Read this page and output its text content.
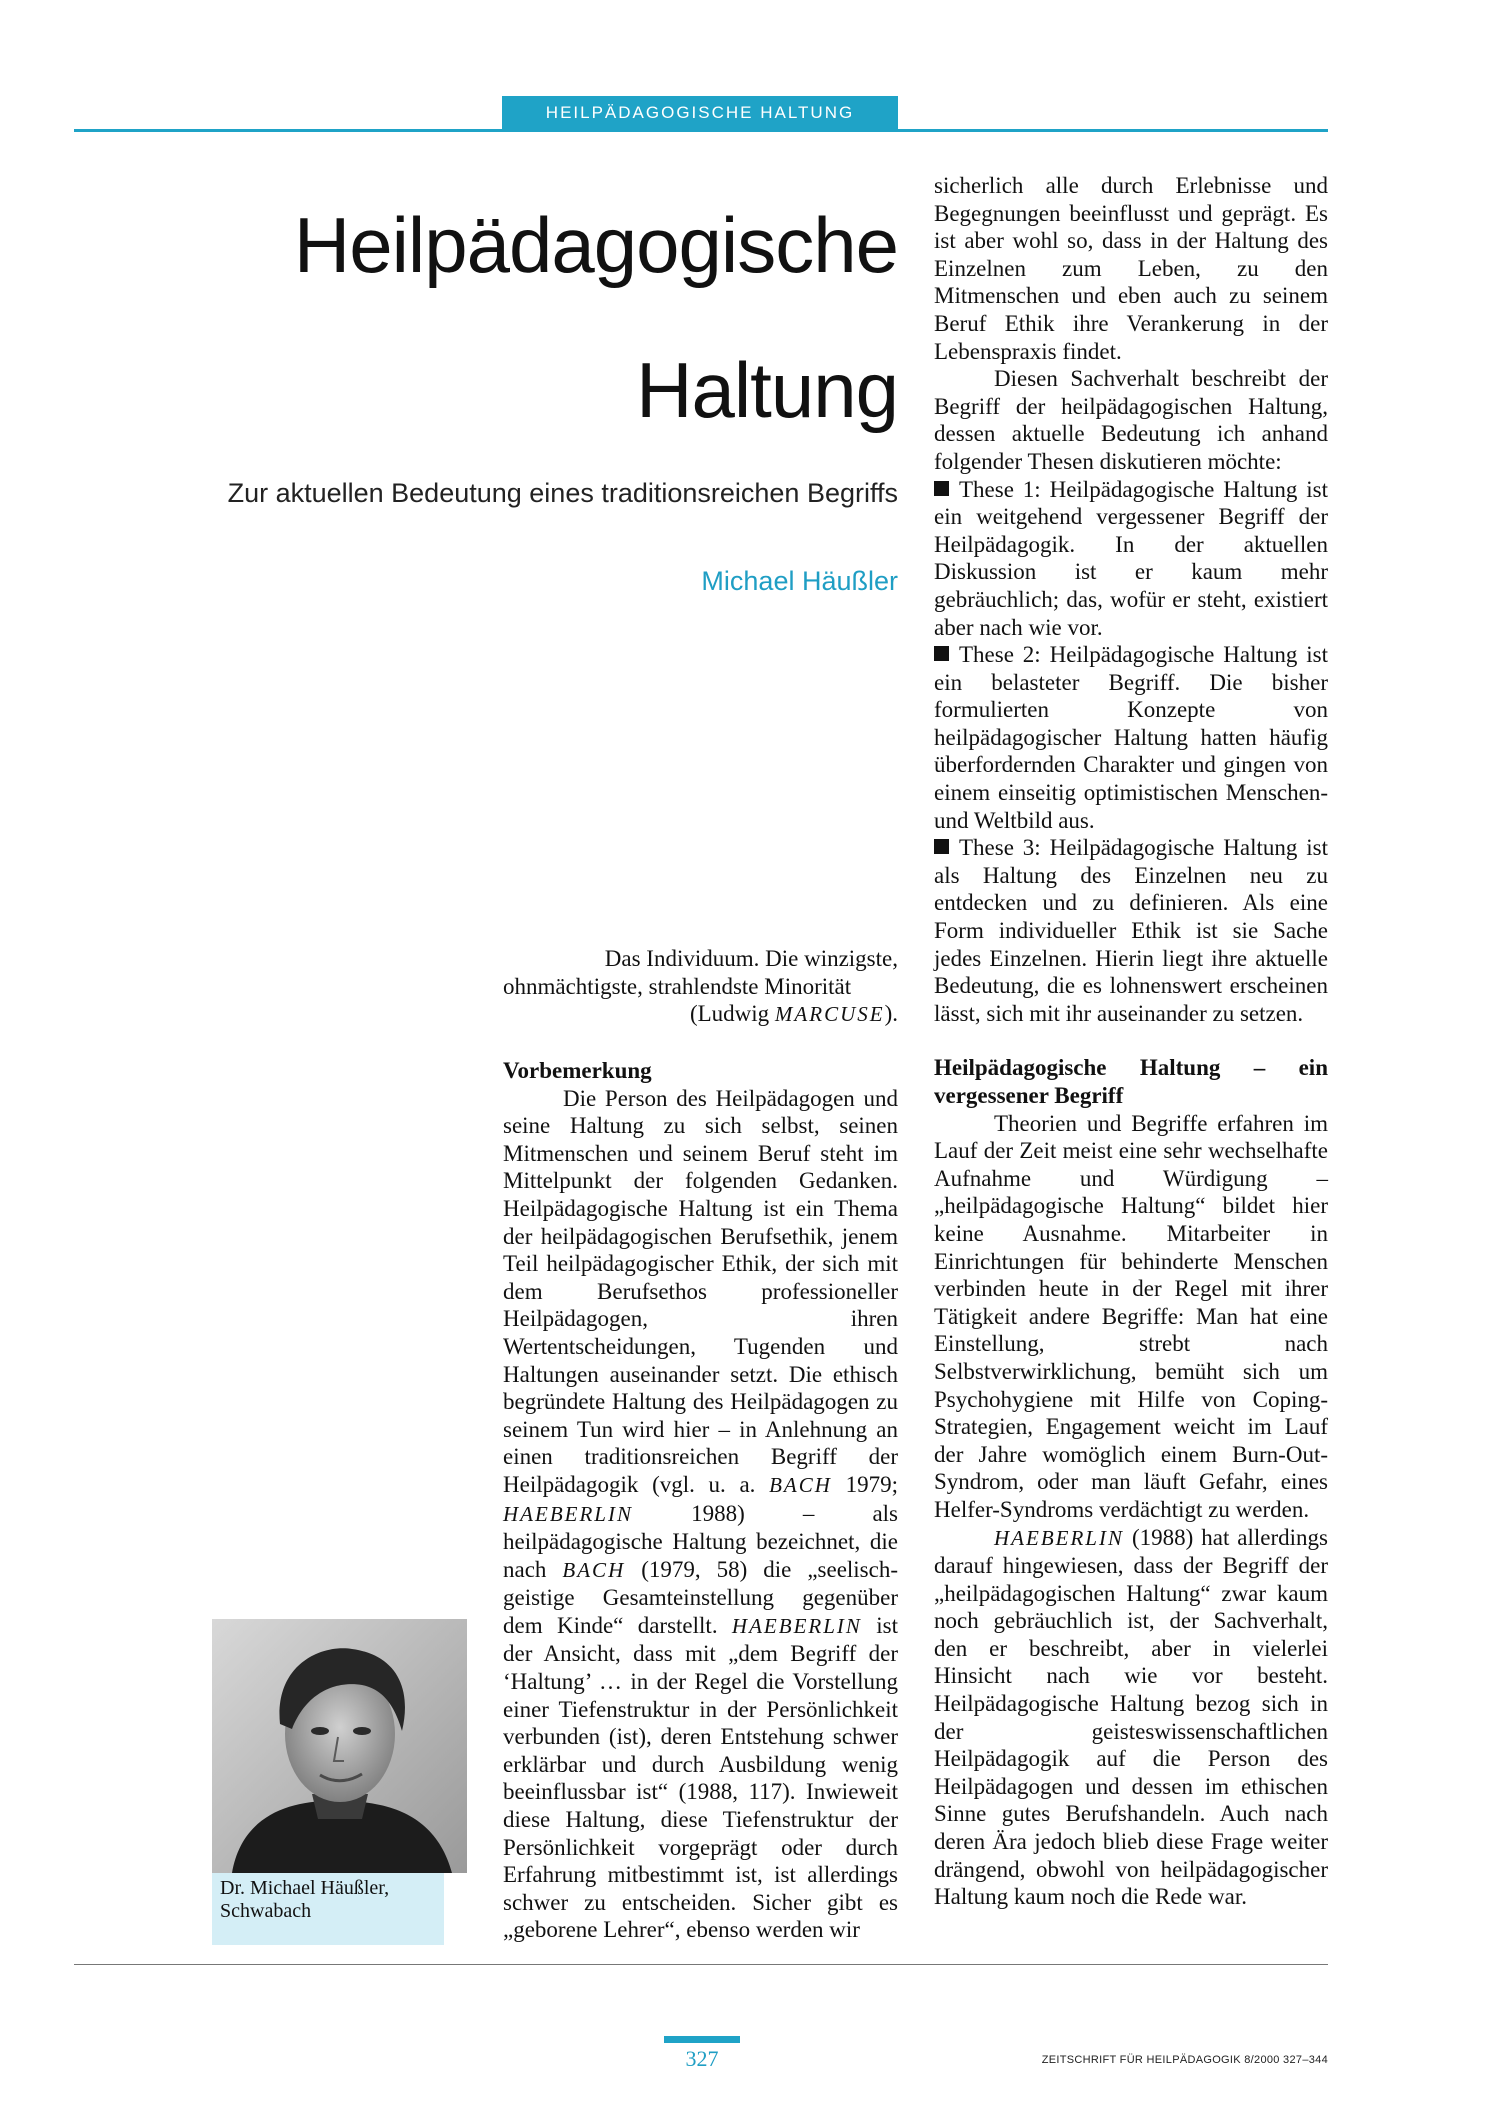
HEILPÄDAGOGISCHE HALTUNG
Heilpädagogische
Haltung
Zur aktuellen Bedeutung eines traditionsreichen Begriffs
Michael Häußler
Das Individuum. Die winzigste,
ohnmächtigste, strahlendste Minorität
(Ludwig MARCUSE).

Vorbemerkung

Die Person des Heilpädagogen und seine Haltung zu sich selbst, seinen Mitmenschen und seinem Beruf steht im Mittelpunkt der folgenden Gedanken. Heilpädagogische Haltung ist ein Thema der heilpädagogischen Berufsethik, jenem Teil heilpädagogischer Ethik, der sich mit dem Berufsethos professioneller Heilpädagogen, ihren Wertentscheidungen, Tugenden und Haltungen auseinander setzt. Die ethisch begründete Haltung des Heilpädagogen zu seinem Tun wird hier – in Anlehnung an einen traditionsreichen Begriff der Heilpädagogik (vgl. u. a. BACH 1979; HAEBERLIN 1988) – als heilpädagogische Haltung bezeichnet, die nach BACH (1979, 58) die „seelisch-geistige Gesamteinstellung gegenüber dem Kinde“ darstellt. HAEBERLIN ist der Ansicht, dass mit „dem Begriff der ‘Haltung’ … in der Regel die Vorstellung einer Tiefenstruktur in der Persönlichkeit verbunden (ist), deren Entstehung schwer erklärbar und durch Ausbildung wenig beeinflussbar ist“ (1988, 117). Inwieweit diese Haltung, diese Tiefenstruktur der Persönlichkeit vorgeprägt oder durch Erfahrung mitbestimmt ist, ist allerdings schwer zu entscheiden. Sicher gibt es „geborene Lehrer“, ebenso werden wir

sicherlich alle durch Erlebnisse und Begegnungen beeinflusst und geprägt. Es ist aber wohl so, dass in der Haltung des Einzelnen zum Leben, zu den Mitmenschen und eben auch zu seinem Beruf Ethik ihre Verankerung in der Lebenspraxis findet.

Diesen Sachverhalt beschreibt der Begriff der heilpädagogischen Haltung, dessen aktuelle Bedeutung ich anhand folgender Thesen diskutieren möchte:

These 1: Heilpädagogische Haltung ist ein weitgehend vergessener Begriff der Heilpädagogik. In der aktuellen Diskussion ist er kaum mehr gebräuchlich; das, wofür er steht, existiert aber nach wie vor.

These 2: Heilpädagogische Haltung ist ein belasteter Begriff. Die bisher formulierten Konzepte von heilpädagogischer Haltung hatten häufig überfordernden Charakter und gingen von einem einseitig optimistischen Menschen- und Weltbild aus.

These 3: Heilpädagogische Haltung ist als Haltung des Einzelnen neu zu entdecken und zu definieren. Als eine Form individueller Ethik ist sie Sache jedes Einzelnen. Hierin liegt ihre aktuelle Bedeutung, die es lohnenswert erscheinen lässt, sich mit ihr auseinander zu setzen.

Heilpädagogische Haltung – ein vergessener Begriff

Theorien und Begriffe erfahren im Lauf der Zeit meist eine sehr wechselhafte Aufnahme und Würdigung – „heilpädagogische Haltung“ bildet hier keine Ausnahme. Mitarbeiter in Einrichtungen für behinderte Menschen verbinden heute in der Regel mit ihrer Tätigkeit andere Begriffe: Man hat eine Einstellung, strebt nach Selbstverwirklichung, bemüht sich um Psychohygiene mit Hilfe von Coping-Strategien, Engagement weicht im Lauf der Jahre womöglich einem Burn-Out-Syndrom, oder man läuft Gefahr, eines Helfer-Syndroms verdächtigt zu werden.

HAEBERLIN (1988) hat allerdings darauf hingewiesen, dass der Begriff der „heilpädagogischen Haltung“ zwar kaum noch gebräuchlich ist, der Sachverhalt, den er beschreibt, aber in vielerlei Hinsicht nach wie vor besteht. Heilpädagogische Haltung bezog sich in der geisteswissenschaftlichen Heilpädagogik auf die Person des Heilpädagogen und dessen im ethischen Sinne gutes Berufshandeln. Auch nach deren Ära jedoch blieb diese Frage weiter drängend, obwohl von heilpädagogischer Haltung kaum noch die Rede war.

Dr. Michael Häußler,
Schwabach
327	ZEITSCHRIFT FÜR HEILPÄDAGOGIK 8/2000 327–344
